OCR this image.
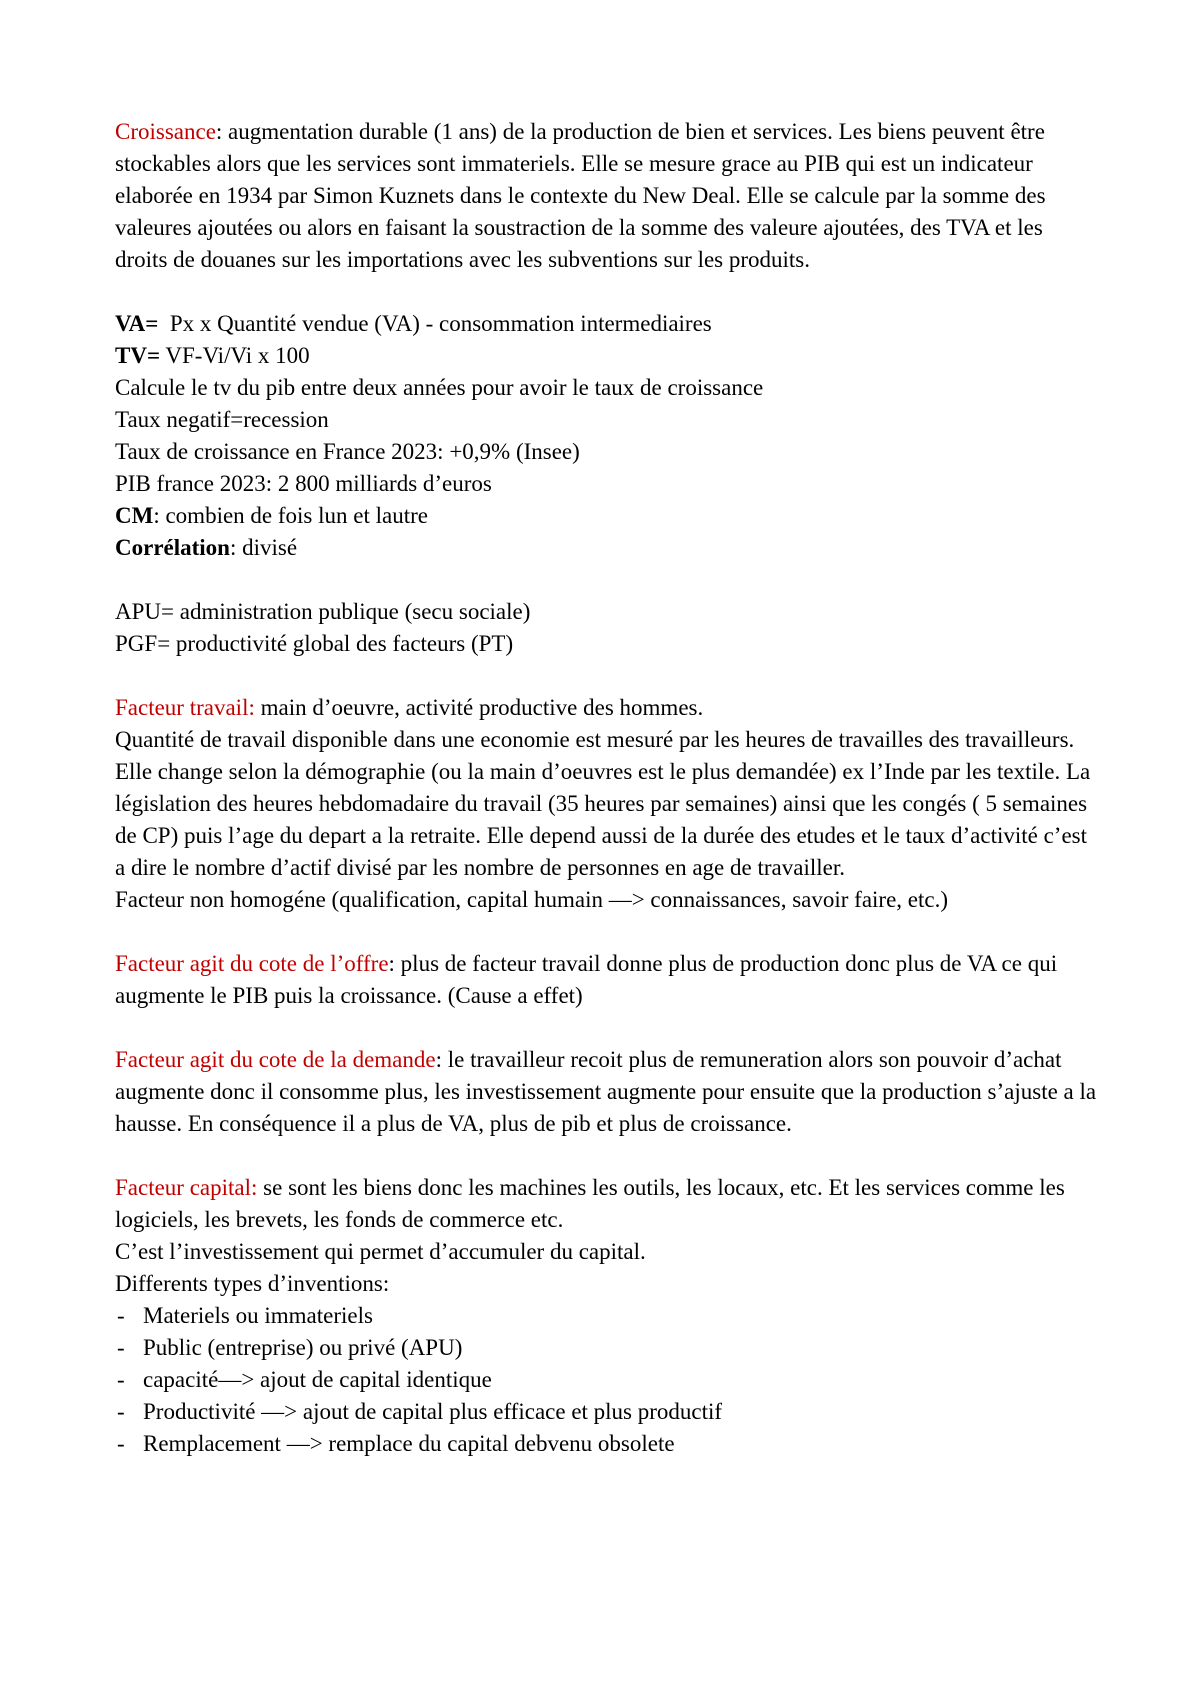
Croissance: augmentation durable (1 ans) de la production de bien et services. Les biens peuvent être stockables alors que les services sont immateriels. Elle se mesure grace au PIB qui est un indicateur elaborée en 1934 par Simon Kuznets dans le contexte du New Deal. Elle se calcule par la somme des valeures ajoutées ou alors en faisant la soustraction de la somme des valeure ajoutées, des TVA et les droits de douanes sur les importations avec les subventions sur les produits.

VA=  Px x Quantité vendue (VA) - consommation intermediaires

TV= VF-Vi/Vi x 100

Calcule le tv du pib entre deux années pour avoir le taux de croissance

Taux negatif=recession

Taux de croissance en France 2023: +0,9% (Insee)

PIB france 2023: 2 800 milliards d’euros

CM: combien de fois lun et lautre

Corrélation: divisé

APU= administration publique (secu sociale)

PGF= productivité global des facteurs (PT)

Facteur travail: main d’oeuvre, activité productive des hommes.

Quantité de travail disponible dans une economie est mesuré par les heures de travailles des travailleurs. Elle change selon la démographie (ou la main d’oeuvres est le plus demandée) ex l’Inde par les textile. La législation des heures hebdomadaire du travail (35 heures par semaines) ainsi que les congés ( 5 semaines de CP) puis l’age du depart a la retraite. Elle depend aussi de la durée des etudes et le taux d’activité c’est a dire le nombre d’actif divisé par les nombre de personnes en age de travailler.

Facteur non homogéne (qualification, capital humain —> connaissances, savoir faire, etc.)

Facteur agit du cote de l’offre: plus de facteur travail donne plus de production donc plus de VA ce qui augmente le PIB puis la croissance. (Cause a effet)

Facteur agit du cote de la demande: le travailleur recoit plus de remuneration alors son pouvoir d’achat augmente donc il consomme plus, les investissement augmente pour ensuite que la production s’ajuste a la hausse. En conséquence il a plus de VA, plus de pib et plus de croissance.

Facteur capital: se sont les biens donc les machines les outils, les locaux, etc. Et les services comme les logiciels, les brevets, les fonds de commerce etc.

C’est l’investissement qui permet d’accumuler du capital.

Differents types d’inventions:

- Materiels ou immateriels
- Public (entreprise) ou privé (APU)
- capacité—> ajout de capital identique
- Productivité —> ajout de capital plus efficace et plus productif
- Remplacement —> remplace du capital debvenu obsolete
